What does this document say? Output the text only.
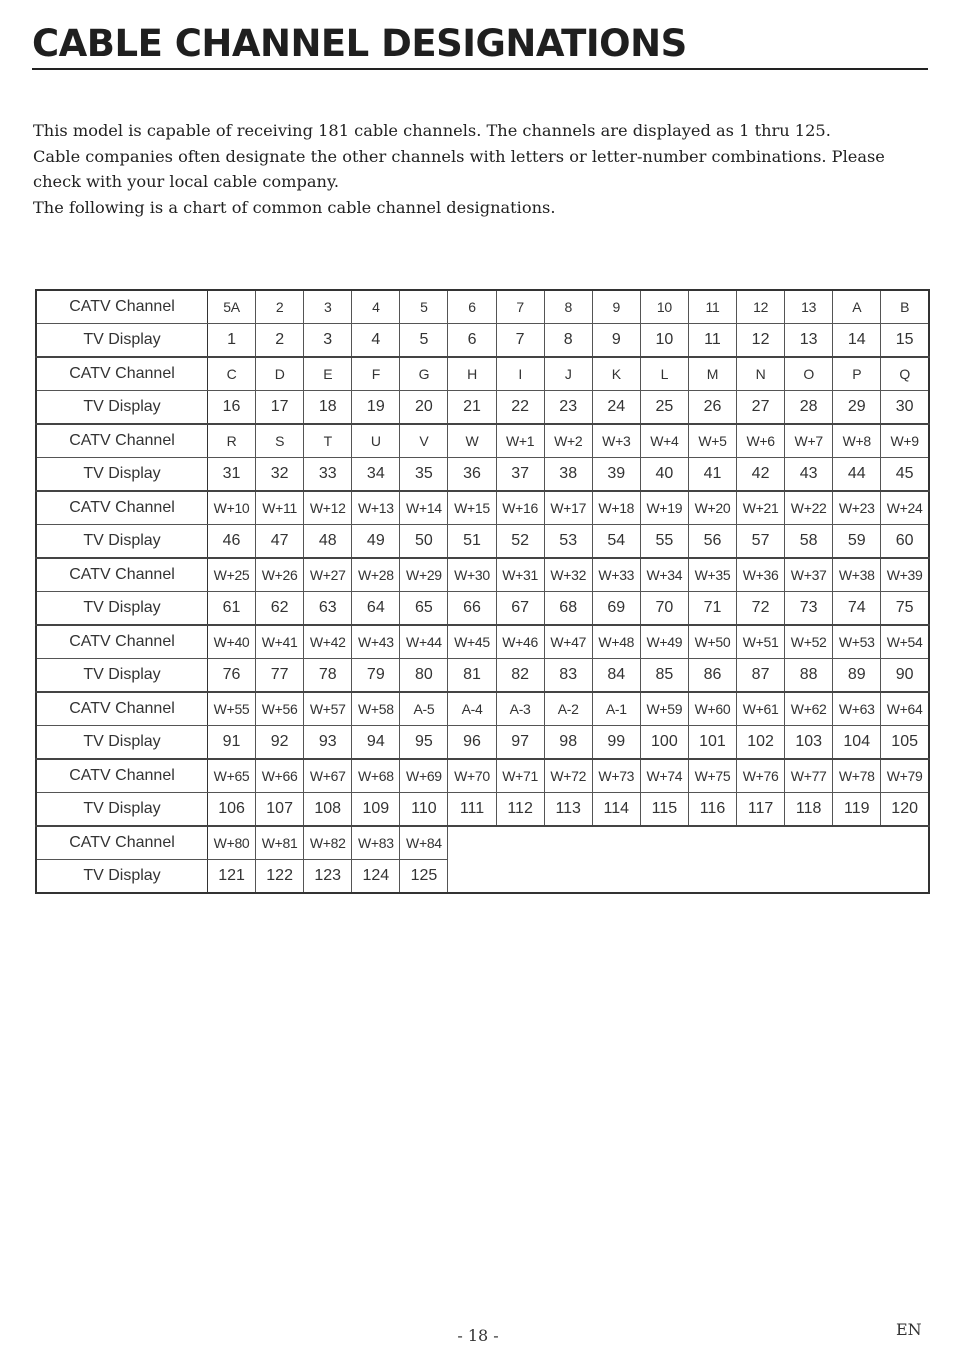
CABLE CHANNEL DESIGNATIONS

This model is capable of receiving 181 cable channels. The channels are displayed as 1 thru 125.

Cable companies often designate the other channels with letters or letter-number combinations. Please check with your local cable company.

The following is a chart of common cable channel designations.

CATV Channel	5A	2	3	4	5	6	7	8	9	10	11	12	13	A	B
TV Display	1	2	3	4	5	6	7	8	9	10	11	12	13	14	15
CATV Channel	C	D	E	F	G	H	I	J	K	L	M	N	O	P	Q
TV Display	16	17	18	19	20	21	22	23	24	25	26	27	28	29	30
CATV Channel	R	S	T	U	V	W	W+1	W+2	W+3	W+4	W+5	W+6	W+7	W+8	W+9
TV Display	31	32	33	34	35	36	37	38	39	40	41	42	43	44	45
CATV Channel	W+10	W+11	W+12	W+13	W+14	W+15	W+16	W+17	W+18	W+19	W+20	W+21	W+22	W+23	W+24
TV Display	46	47	48	49	50	51	52	53	54	55	56	57	58	59	60
CATV Channel	W+25	W+26	W+27	W+28	W+29	W+30	W+31	W+32	W+33	W+34	W+35	W+36	W+37	W+38	W+39
TV Display	61	62	63	64	65	66	67	68	69	70	71	72	73	74	75
CATV Channel	W+40	W+41	W+42	W+43	W+44	W+45	W+46	W+47	W+48	W+49	W+50	W+51	W+52	W+53	W+54
TV Display	76	77	78	79	80	81	82	83	84	85	86	87	88	89	90
CATV Channel	W+55	W+56	W+57	W+58	A-5	A-4	A-3	A-2	A-1	W+59	W+60	W+61	W+62	W+63	W+64
TV Display	91	92	93	94	95	96	97	98	99	100	101	102	103	104	105
CATV Channel	W+65	W+66	W+67	W+68	W+69	W+70	W+71	W+72	W+73	W+74	W+75	W+76	W+77	W+78	W+79
TV Display	106	107	108	109	110	111	112	113	114	115	116	117	118	119	120
CATV Channel	W+80	W+81	W+82	W+83	W+84										
TV Display	121	122	123	124	125										
- 18 -	EN
